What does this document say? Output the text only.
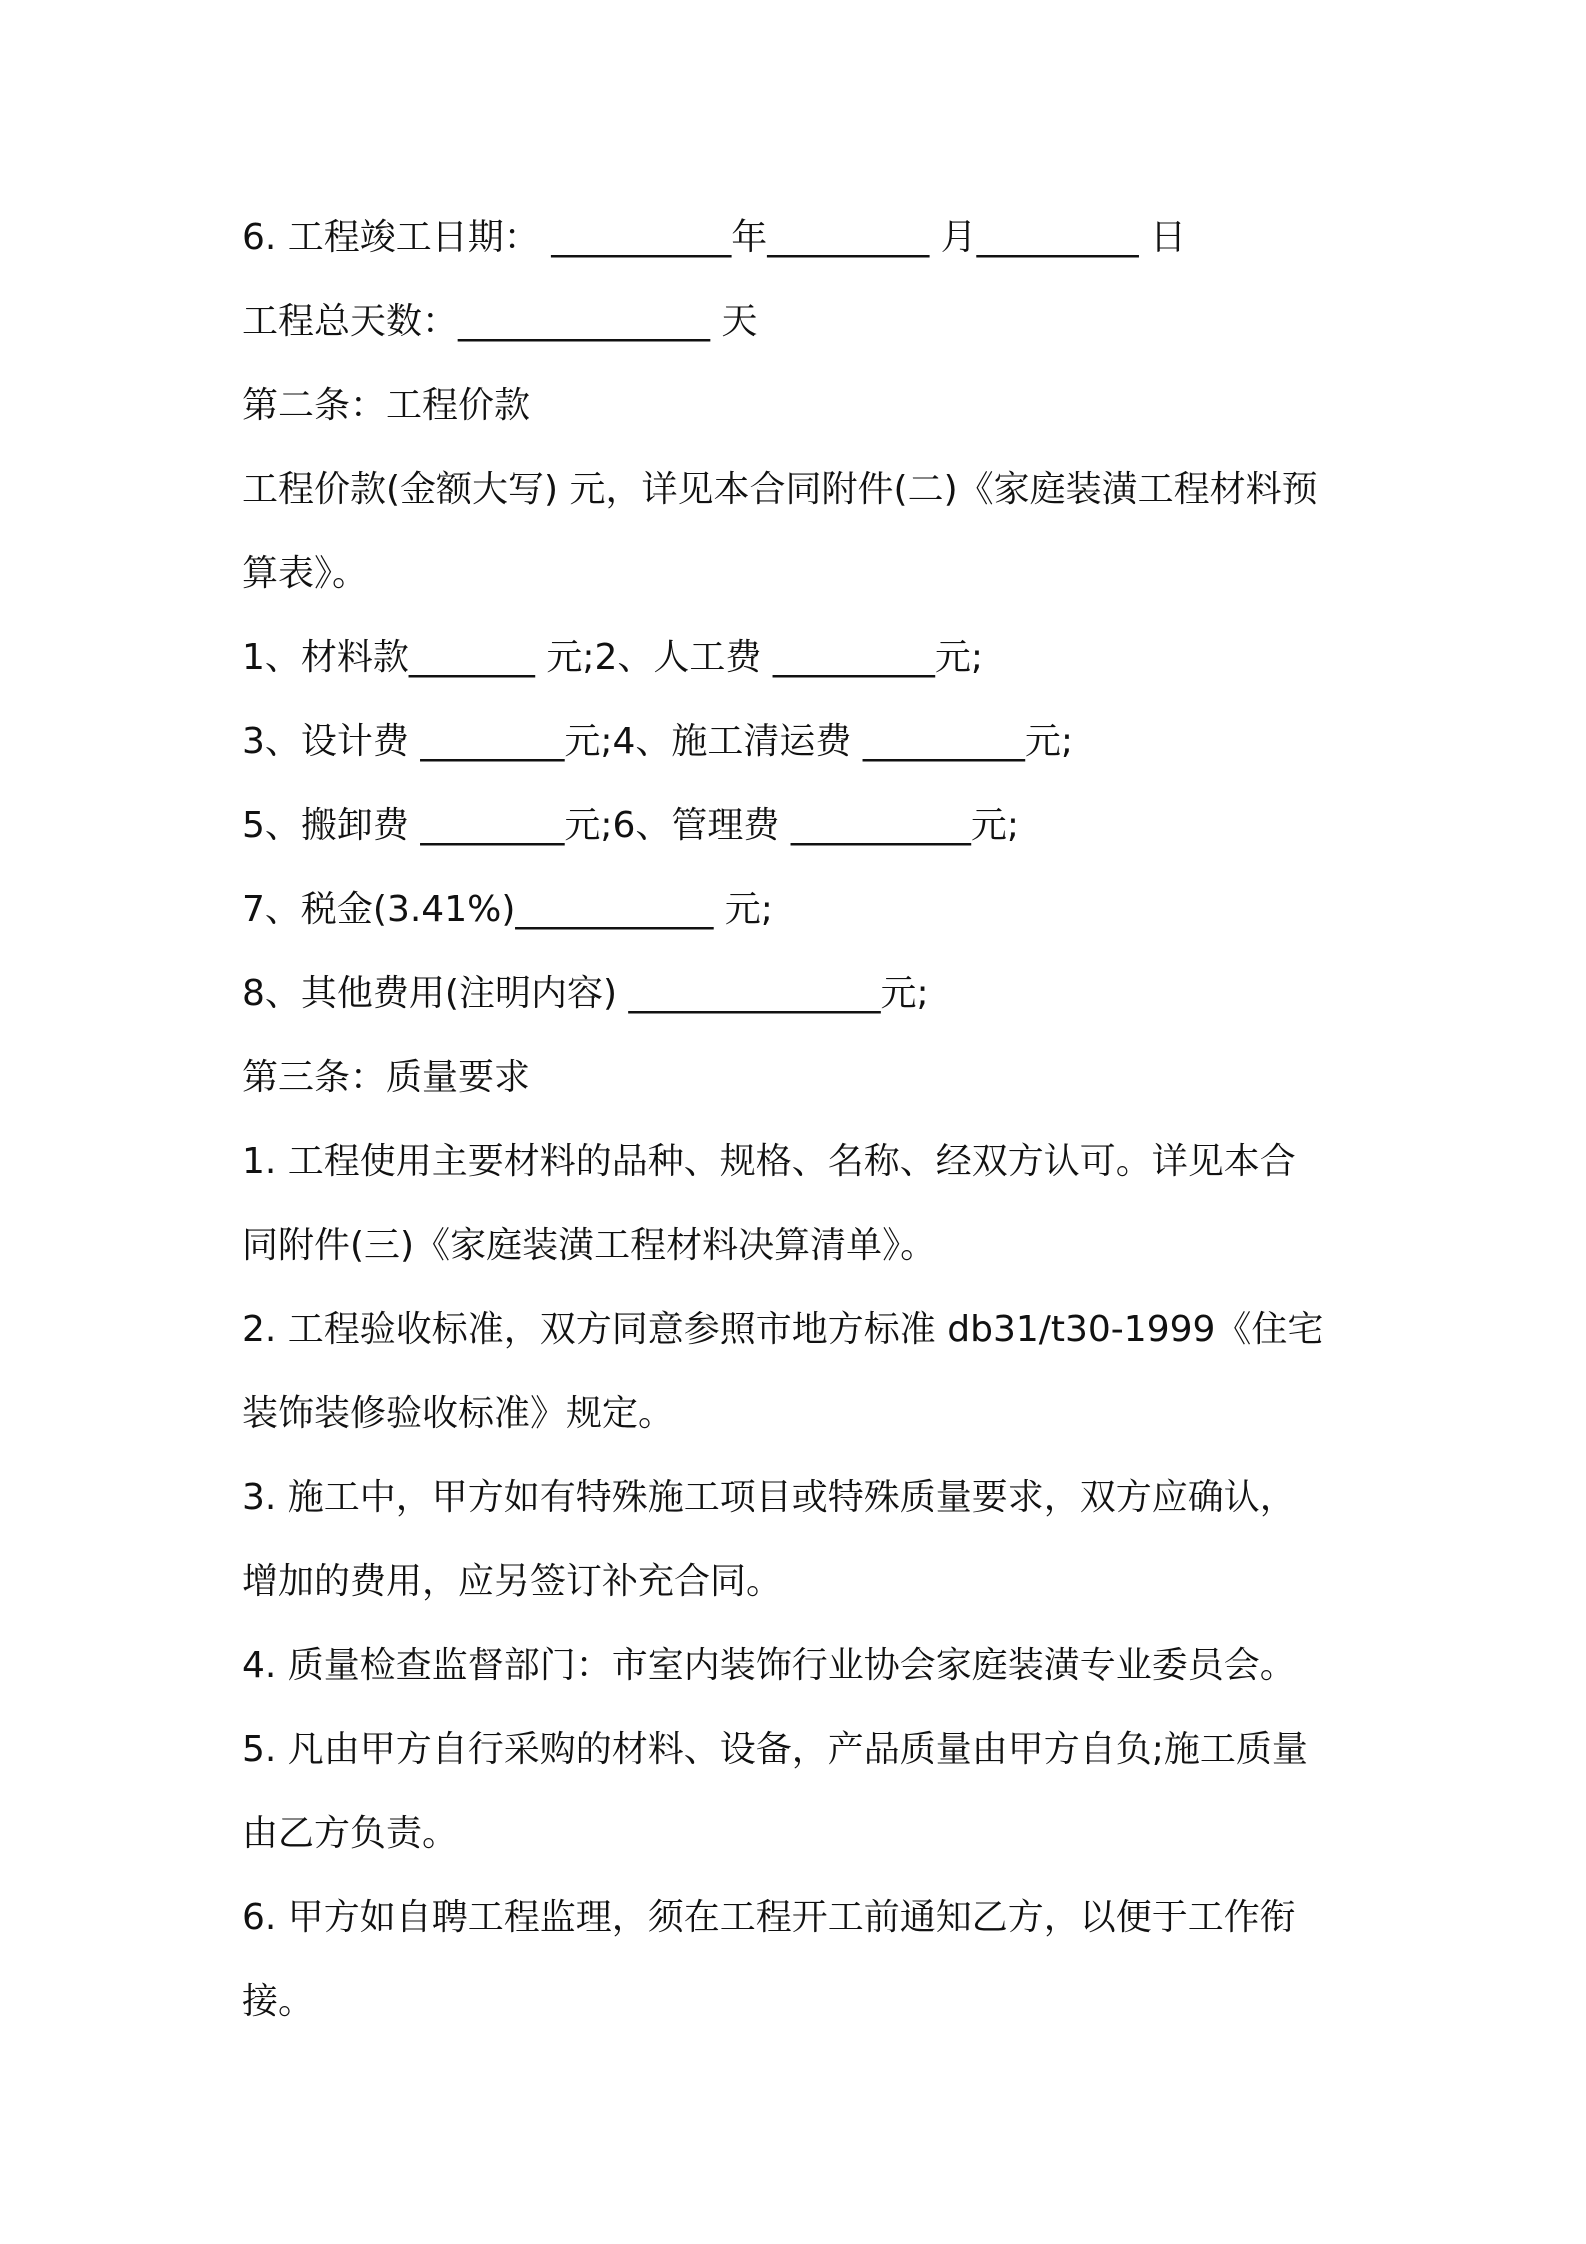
6. 工程竣工日期： __________年_________ 月_________ 日
工程总天数：______________ 天
第二条：工程价款
工程价款(金额大写) 元，详见本合同附件(二)《家庭装潢工程材料预
算表》。
1、材料款_______ 元;2、人工费 _________元;
3、设计费 ________元;4、施工清运费 _________元;
5、搬卸费 ________元;6、管理费 __________元;
7、税金(3.41%)___________ 元;
8、其他费用(注明内容) ______________元;
第三条：质量要求
1. 工程使用主要材料的品种、规格、名称、经双方认可。详见本合
同附件(三)《家庭装潢工程材料决算清单》。
2. 工程验收标准，双方同意参照市地方标准 db31/t30-1999《住宅
装饰装修验收标准》规定。
3. 施工中，甲方如有特殊施工项目或特殊质量要求，双方应确认，
增加的费用，应另签订补充合同。
4. 质量检查监督部门：市室内装饰行业协会家庭装潢专业委员会。
5. 凡由甲方自行采购的材料、设备，产品质量由甲方自负;施工质量
由乙方负责。
6. 甲方如自聘工程监理，须在工程开工前通知乙方，以便于工作衔
接。
